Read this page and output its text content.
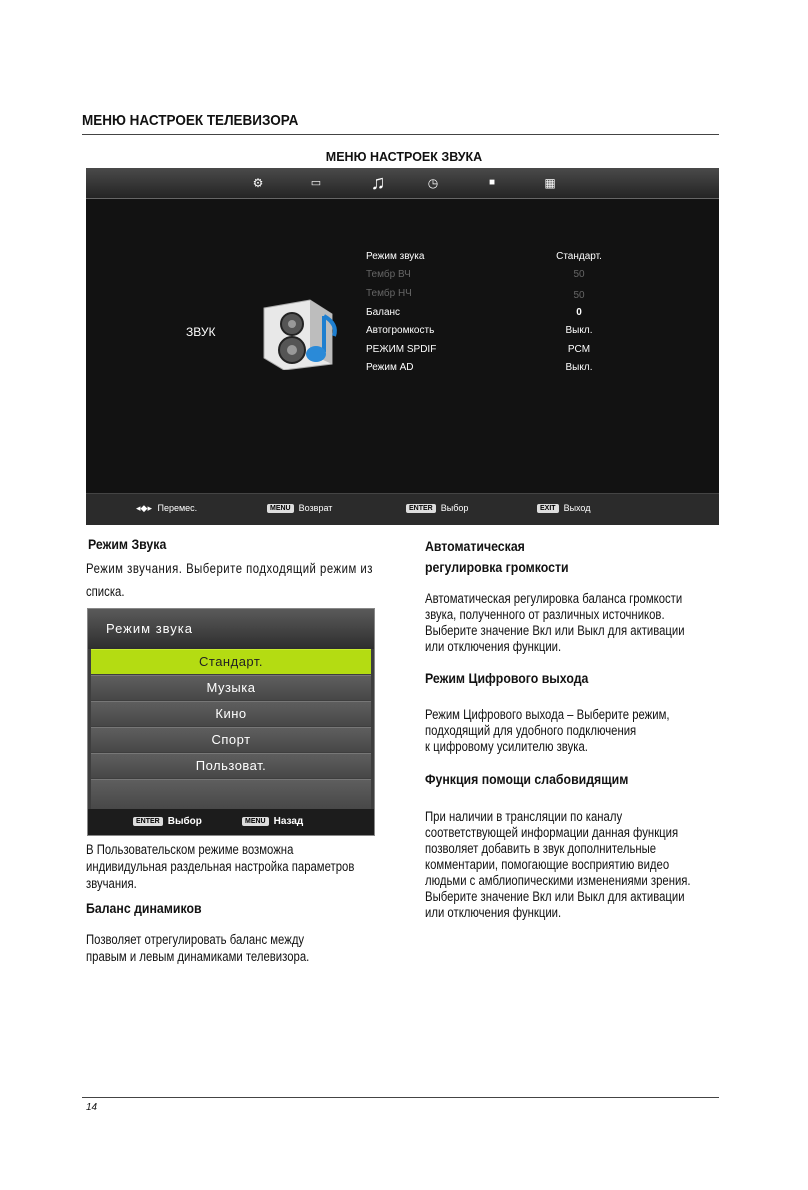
МЕНЮ НАСТРОЕК ТЕЛЕВИЗОРА
МЕНЮ НАСТРОЕК ЗВУКА
⚙	▭ ♫	◷	■	▦
ЗВУК
Режим звука	Стандарт.
Тембр ВЧ	50
Тембр НЧ	50
Баланс	0
Автогромкость	Выкл.
РЕЖИМ SPDIF	PCM
Режим AD	Выкл.
◂◆▸ Перемес.	MENU Возврат	ENTER Выбор	EXIT Выход
Режим Звука
Режим звучания. Выберите подходящий режим из
списка.
Режим звука
Стандарт.
Музыка
Кино
Спорт
Пользоват.
ENTER Выбор	MENU Назад
В Пользовательском режиме возможна
индивидульная раздельная настройка параметров
звучания.
Баланс динамиков
Позволяет отрегулировать баланс между
правым и левым динамиками телевизора.
Автоматическая
регулировка громкости
Автоматическая регулировка баланса громкости
звука, полученного от различных источников.
Выберите значение Вкл или Выкл для активации
или отключения функции.
Режим Цифрового выхода
Режим Цифрового выхода – Выберите режим,
подходящий для удобного подключения
к цифровому усилителю звука.
Функция помощи слабовидящим
При наличии в трансляции по каналу
соответствующей информации данная функция
позволяет добавить в звук дополнительные
комментарии, помогающие восприятию видео
людьми с амблиопическими изменениями зрения.
Выберите значение Вкл или Выкл для активации
или отключения функции.
14
